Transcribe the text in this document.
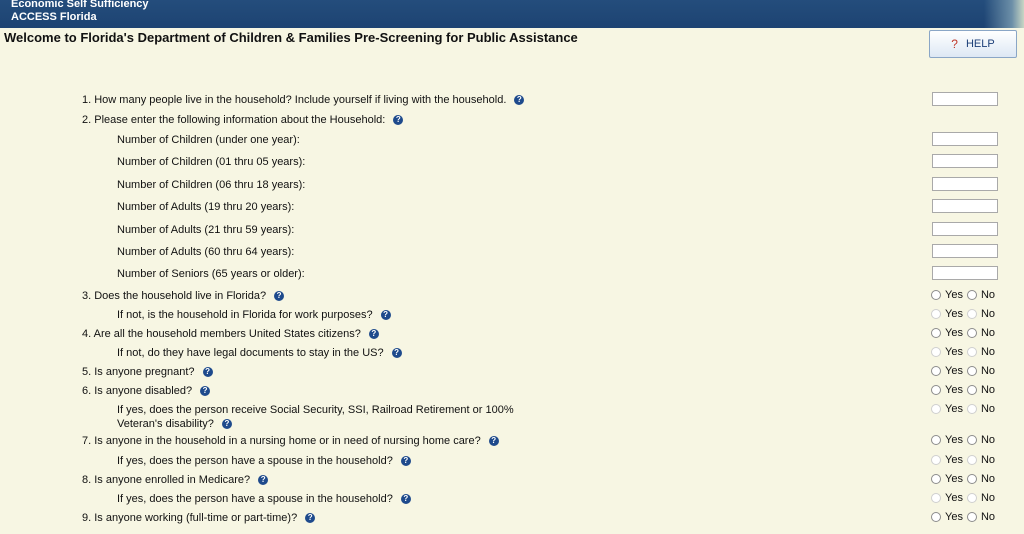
Economic Self Sufficiency
ACCESS Florida
Welcome to Florida's Department of Children & Families Pre-Screening for Public Assistance	? HELP
1. How many people live in the household? Include yourself if living with the household. ?
2. Please enter the following information about the Household: ?
Number of Children (under one year):
Number of Children (01 thru 05 years):
Number of Children (06 thru 18 years):
Number of Adults (19 thru 20 years):
Number of Adults (21 thru 59 years):
Number of Adults (60 thru 64 years):
Number of Seniors (65 years or older):
3. Does the household live in Florida? ?	Yes No
If not, is the household in Florida for work purposes? ?	Yes No
4. Are all the household members United States citizens? ?	Yes No
If not, do they have legal documents to stay in the US? ?	Yes No
5. Is anyone pregnant? ?	Yes No
6. Is anyone disabled? ?	Yes No
If yes, does the person receive Social Security, SSI, Railroad Retirement or 100% Veteran's disability? ?
Yes No
7. Is anyone in the household in a nursing home or in need of nursing home care? ?	Yes No
If yes, does the person have a spouse in the household? ?	Yes No
8. Is anyone enrolled in Medicare? ?	Yes No
If yes, does the person have a spouse in the household? ?	Yes No
9. Is anyone working (full-time or part-time)? ?	Yes No
